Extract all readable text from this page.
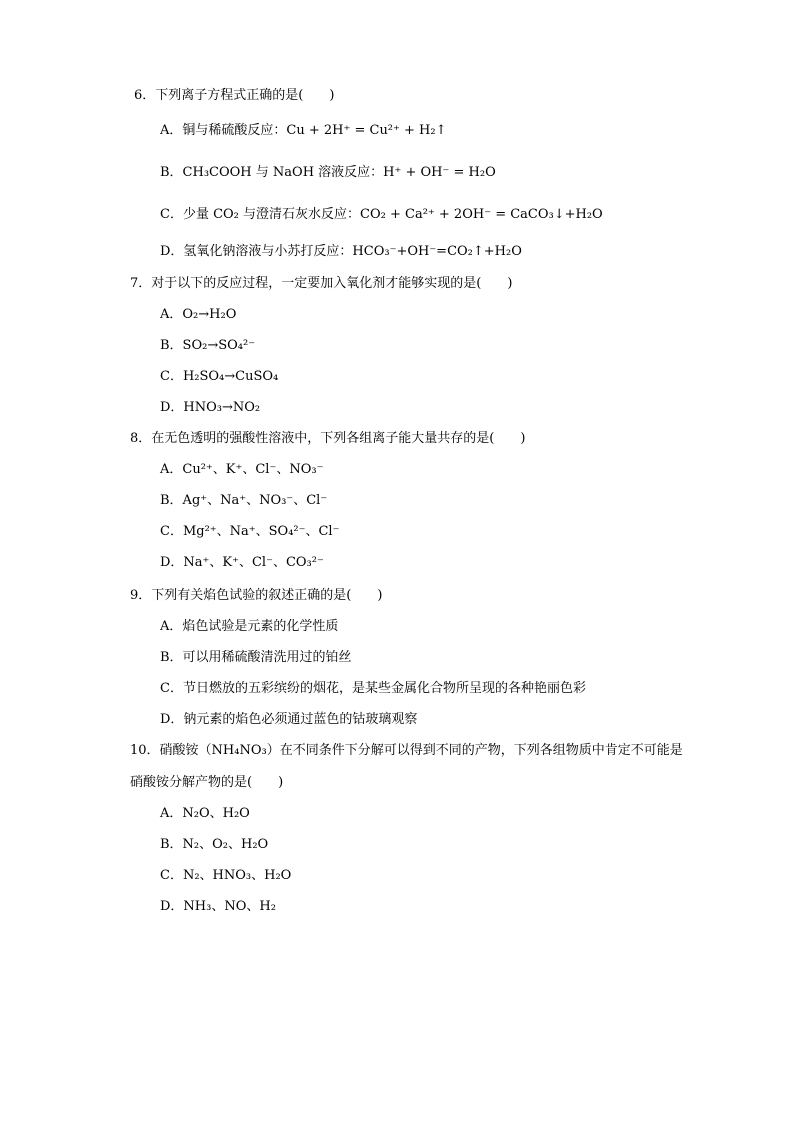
6．下列离子方程式正确的是(　　)
A．铜与稀硫酸反应：Cu + 2H⁺ = Cu²⁺ + H₂↑
B．CH₃COOH 与 NaOH 溶液反应：H⁺ + OH⁻ = H₂O
C．少量 CO₂ 与澄清石灰水反应：CO₂ + Ca²⁺ + 2OH⁻ = CaCO₃↓+H₂O
D．氢氧化钠溶液与小苏打反应：HCO₃⁻+OH⁻=CO₂↑+H₂O
7．对于以下的反应过程，一定要加入氧化剂才能够实现的是(　　)
A．O₂→H₂O
B．SO₂→SO₄²⁻
C．H₂SO₄→CuSO₄
D．HNO₃→NO₂
8．在无色透明的强酸性溶液中，下列各组离子能大量共存的是(　　)
A．Cu²⁺、K⁺、Cl⁻、NO₃⁻
B．Ag⁺、Na⁺、NO₃⁻、Cl⁻
C．Mg²⁺、Na⁺、SO₄²⁻、Cl⁻
D．Na⁺、K⁺、Cl⁻、CO₃²⁻
9．下列有关焰色试验的叙述正确的是(　　)
A．焰色试验是元素的化学性质
B．可以用稀硫酸清洗用过的铂丝
C．节日燃放的五彩缤纷的烟花，是某些金属化合物所呈现的各种艳丽色彩
D．钠元素的焰色必须通过蓝色的钴玻璃观察
10．硝酸铵（NH₄NO₃）在不同条件下分解可以得到不同的产物，下列各组物质中肯定不可能是
硝酸铵分解产物的是(　　)
A．N₂O、H₂O
B．N₂、O₂、H₂O
C．N₂、HNO₃、H₂O
D．NH₃、NO、H₂
